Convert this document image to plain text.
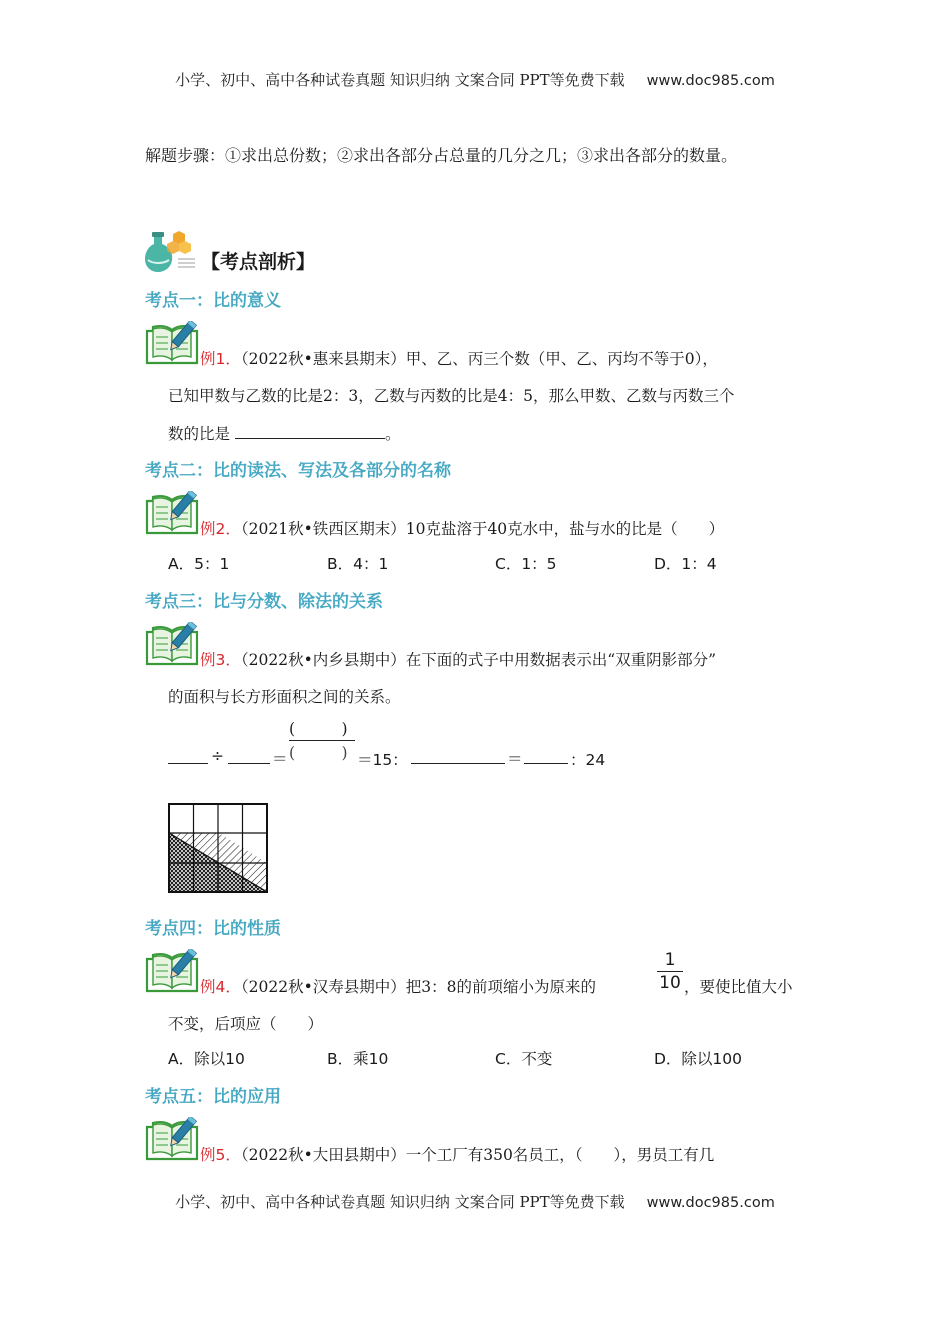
小学、初中、高中各种试卷真题 知识归纳 文案合同 PPT等免费下载 www.doc985.com
解题步骤：①求出总份数；②求出各部分占总量的几分之几；③求出各部分的数量。
【考点剖析】
考点一：比的意义
例1．（2022秋•惠来县期末）甲、乙、丙三个数（甲、乙、丙均不等于0），
已知甲数与乙数的比是2：3，乙数与丙数的比是4：5，那么甲数、乙数与丙数三个
数的比是	。
考点二：比的读法、写法及各部分的名称
例2．（2021秋•铁西区期末）10克盐溶于40克水中，盐与水的比是（　　）
A．5：1	B．4：1	C．1：5	D．1：4
考点三：比与分数、除法的关系
例3．（2022秋•内乡县期中）在下面的式子中用数据表示出“双重阴影部分”
的面积与长方形面积之间的关系。
÷	＝
(　　　)
(　　　) ＝15：	＝	：24
考点四：比的性质
例4．（2022秋•汉寿县期中）把3：8的前项缩小为原来的
1
10 ，要使比值大小
不变，后项应（　　）
A．除以10	B．乘10	C．不变	D．除以100
考点五：比的应用
例5．（2022秋•大田县期中）一个工厂有350名员工，（　　），男员工有几
小学、初中、高中各种试卷真题 知识归纳 文案合同 PPT等免费下载 www.doc985.com
